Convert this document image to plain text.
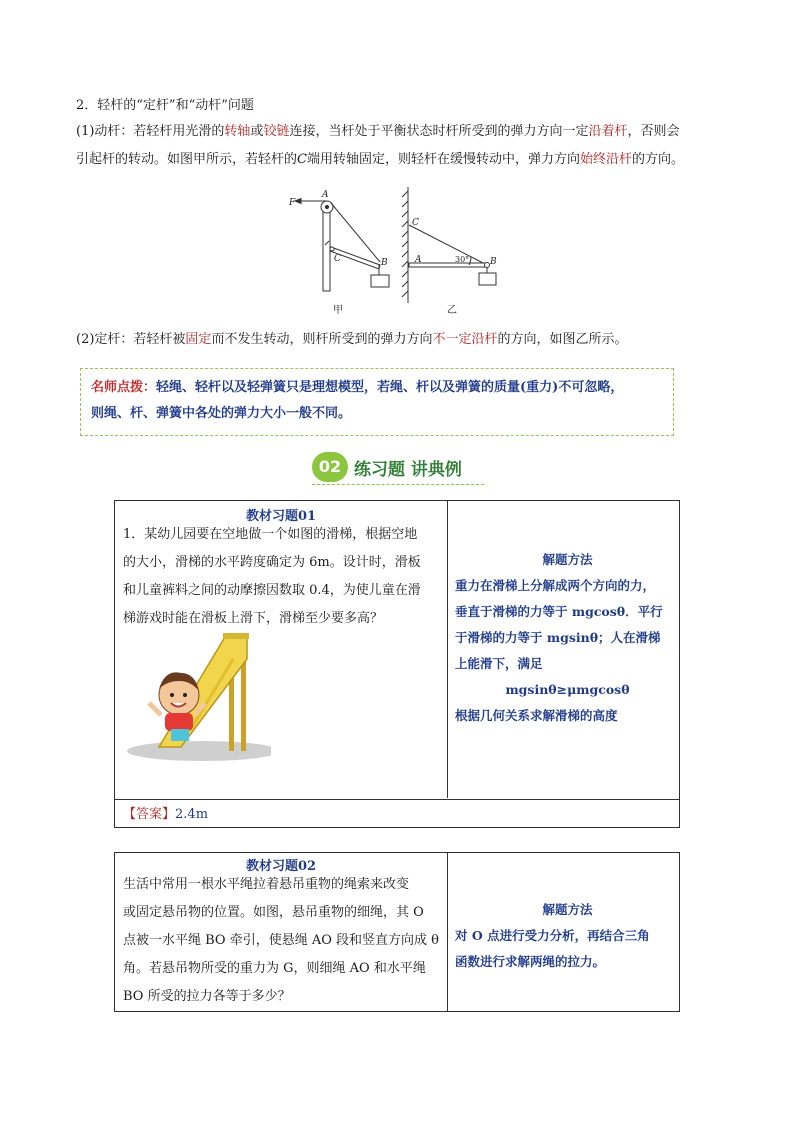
2．轻杆的“定杆”和“动杆”问题
(1)动杆：若轻杆用光滑的转轴或铰链连接，当杆处于平衡状态时杆所受到的弹力方向一定沿着杆，否则会
引起杆的转动。如图甲所示，若轻杆的C端用转轴固定，则轻杆在缓慢转动中，弹力方向始终沿杆的方向。
F
A
C	B
甲
C
A	B
30°
乙
(2)定杆：若轻杆被固定而不发生转动，则杆所受到的弹力方向不一定沿杆的方向，如图乙所示。
名师点拨：轻绳、轻杆以及轻弹簧只是理想模型，若绳、杆以及弹簧的质量(重力)不可忽略，
则绳、杆、弹簧中各处的弹力大小一般不同。
02 练习题 讲典例
教材习题01
1．某幼儿园要在空地做一个如图的滑梯，根据空地
的大小，滑梯的水平跨度确定为 6m。设计时，滑板
和儿童裤料之间的动摩擦因数取 0.4，为使儿童在滑
梯游戏时能在滑板上滑下，滑梯至少要多高？
解题方法
重力在滑梯上分解成两个方向的力，
垂直于滑梯的力等于 mgcosθ．平行
于滑梯的力等于 mgsinθ；人在滑梯
上能滑下，满足
mgsinθ≥μmgcosθ
根据几何关系求解滑梯的高度
【答案】2.4m
教材习题02
生活中常用一根水平绳拉着悬吊重物的绳索来改变
或固定悬吊物的位置。如图，悬吊重物的细绳，其 O
点被一水平绳 BO 牵引，使悬绳 AO 段和竖直方向成 θ
角。若悬吊物所受的重力为 G，则细绳 AO 和水平绳
BO 所受的拉力各等于多少？
解题方法
对 O 点进行受力分析，再结合三角
函数进行求解两绳的拉力。
